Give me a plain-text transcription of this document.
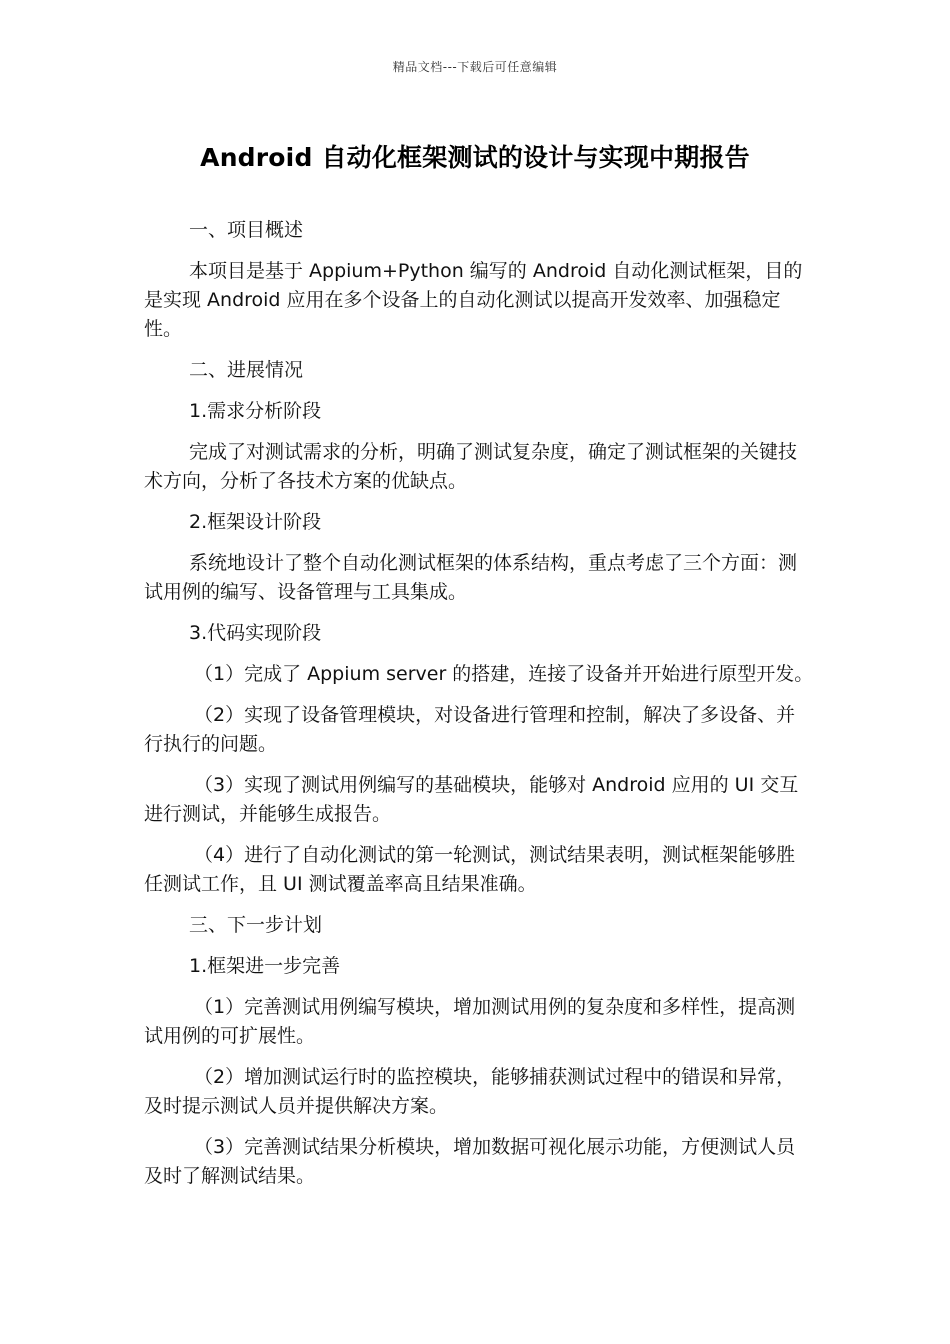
精品文档---下载后可任意编辑
Android 自动化框架测试的设计与实现中期报告

一、项目概述

本项目是基于 Appium+Python 编写的 Android 自动化测试框架，目的是实现 Android 应用在多个设备上的自动化测试以提高开发效率、加强稳定性。

二、进展情况

1.需求分析阶段

完成了对测试需求的分析，明确了测试复杂度，确定了测试框架的关键技术方向，分析了各技术方案的优缺点。

2.框架设计阶段

系统地设计了整个自动化测试框架的体系结构，重点考虑了三个方面：测试用例的编写、设备管理与工具集成。

3.代码实现阶段

（1）完成了 Appium server 的搭建，连接了设备并开始进行原型开发。

（2）实现了设备管理模块，对设备进行管理和控制，解决了多设备、并行执行的问题。

（3）实现了测试用例编写的基础模块，能够对 Android 应用的 UI 交互进行测试，并能够生成报告。

（4）进行了自动化测试的第一轮测试，测试结果表明，测试框架能够胜任测试工作，且 UI 测试覆盖率高且结果准确。

三、下一步计划

1.框架进一步完善

（1）完善测试用例编写模块，增加测试用例的复杂度和多样性，提高测试用例的可扩展性。

（2）增加测试运行时的监控模块，能够捕获测试过程中的错误和异常，及时提示测试人员并提供解决方案。

（3）完善测试结果分析模块，增加数据可视化展示功能，方便测试人员及时了解测试结果。
